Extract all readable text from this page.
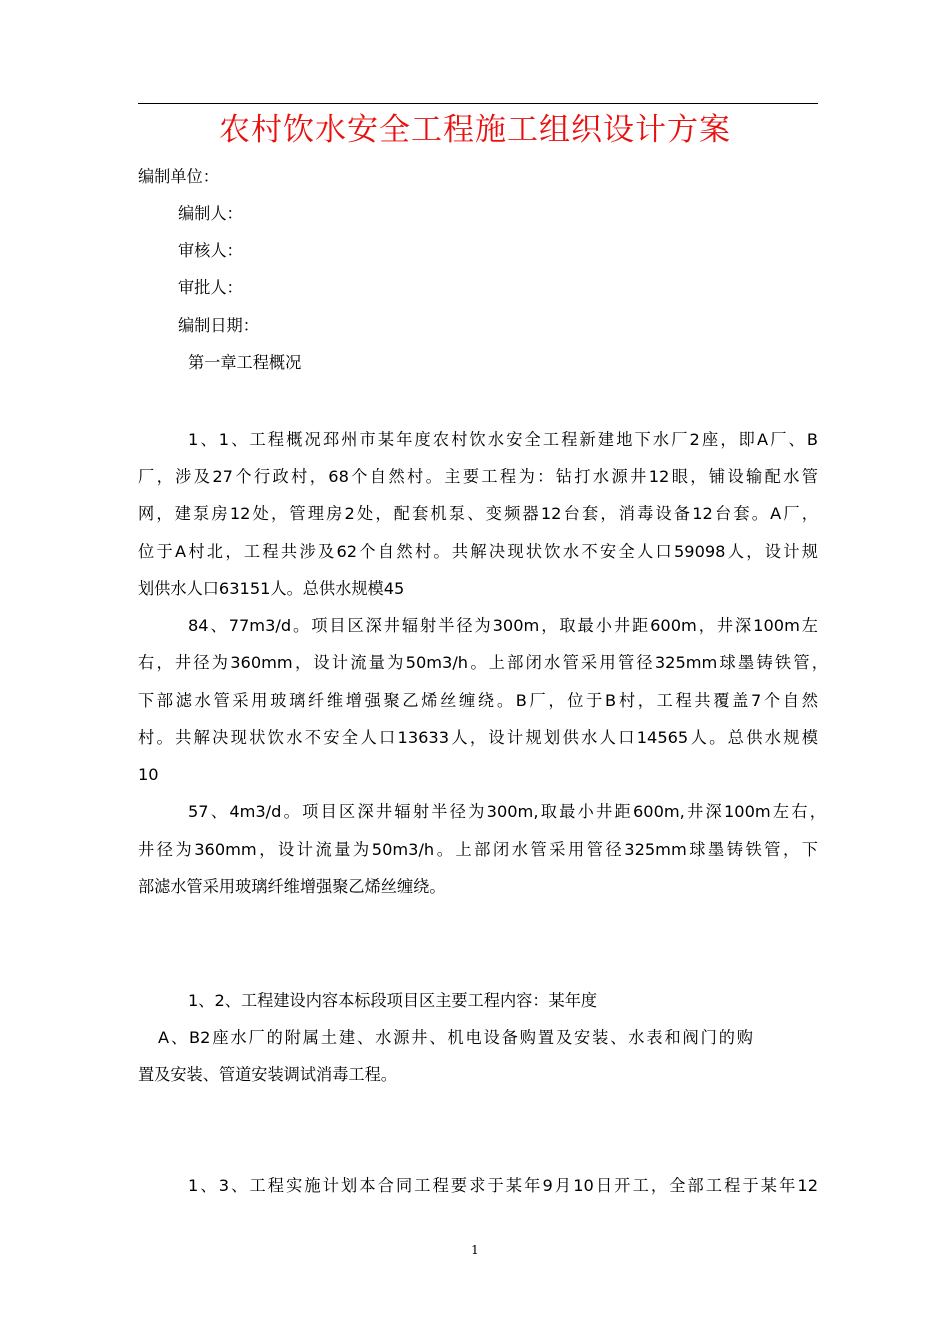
农村饮水安全工程施工组织设计方案
编制单位：
编制人：
审核人：
审批人：
编制日期：
第一章工程概况
1、1、工程概况邳州市某年度农村饮水安全工程新建地下水厂2座，即A厂、B
厂，涉及27个行政村，68个自然村。主要工程为：钻打水源井12眼，铺设输配水管
网，建泵房12处，管理房2处，配套机泵、变频器12台套，消毒设备12台套。A厂，
位于A村北，工程共涉及62个自然村。共解决现状饮水不安全人口59098人，设计规
划供水人口63151人。总供水规模45
84、77m3/d。项目区深井辐射半径为300m，取最小井距600m，井深100m左
右，井径为360mm，设计流量为50m3/h。上部闭水管采用管径325mm球墨铸铁管，
下部滤水管采用玻璃纤维增强聚乙烯丝缠绕。B厂，位于B村，工程共覆盖7个自然
村。共解决现状饮水不安全人口13633人，设计规划供水人口14565人。总供水规模
10
57、4m3/d。项目区深井辐射半径为300m,取最小井距600m,井深100m左右，
井径为360mm，设计流量为50m3/h。上部闭水管采用管径325mm球墨铸铁管，下
部滤水管采用玻璃纤维增强聚乙烯丝缠绕。
1、2、工程建设内容本标段项目区主要工程内容：某年度
A、B2座水厂的附属土建、水源井、机电设备购置及安装、水表和阀门的购
置及安装、管道安装调试消毒工程。
1、3、工程实施计划本合同工程要求于某年9月10日开工，全部工程于某年12
1
